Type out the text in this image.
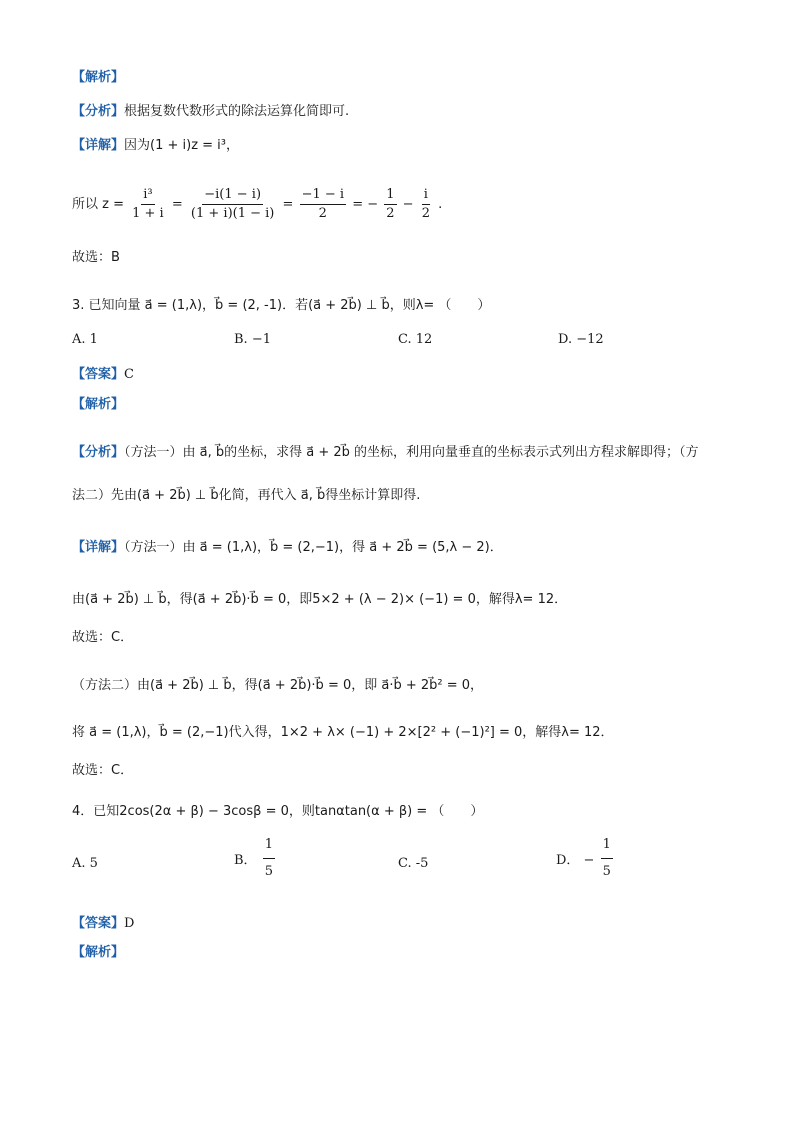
【解析】
【分析】根据复数代数形式的除法运算化简即可.
【详解】因为(1 + i)z = i³，
所以 $z = \frac{\text{i³}}{1 + i} = \frac{-i(1 - i)}{(1 + i)(1 - i)} = \frac{-1 - i}{2}$ = − $\frac{1}{2} - \frac{i}{2}$ .
故选：B
3. 已知向量 a⃗ = (1,λ)，b⃗ = (2, -1)．若(a⃗ + 2b⃗) ⊥ b⃗，则λ= （　　）
A. 1	B. −1	C. 12	D. −12
【答案】C
【解析】
【分析】（方法一）由 a⃗, b⃗的坐标，求得 a⃗ + 2b⃗ 的坐标，利用向量垂直的坐标表示式列出方程求解即得；（方
法二）先由(a⃗ + 2b⃗) ⊥ b⃗化简，再代入 a⃗, b⃗得坐标计算即得.
【详解】（方法一）由 a⃗ = (1,λ)，b⃗ = (2,−1)，得 a⃗ + 2b⃗ = (5,λ − 2)．
由(a⃗ + 2b⃗) ⊥ b⃗，得(a⃗ + 2b⃗)·b⃗ = 0，即5×2 + (λ − 2)× (−1) = 0，解得λ= 12．
故选：C．
（方法二）由(a⃗ + 2b⃗) ⊥ b⃗，得(a⃗ + 2b⃗)·b⃗ = 0，即 a⃗·b⃗ + 2b⃗² = 0，
将 a⃗ = (1,λ)，b⃗ = (2,−1)代入得，1×2 + λ× (−1) + 2×[2² + (−1)²] = 0，解得λ= 12．
故选：C．
4．已知2cos(2α + β) − 3cosβ = 0，则tanαtan(α + β) = （　　）
A. 5	B． $\frac{1}{5}$	C. -5	D． − $\frac{1}{5}$
【答案】D
【解析】
